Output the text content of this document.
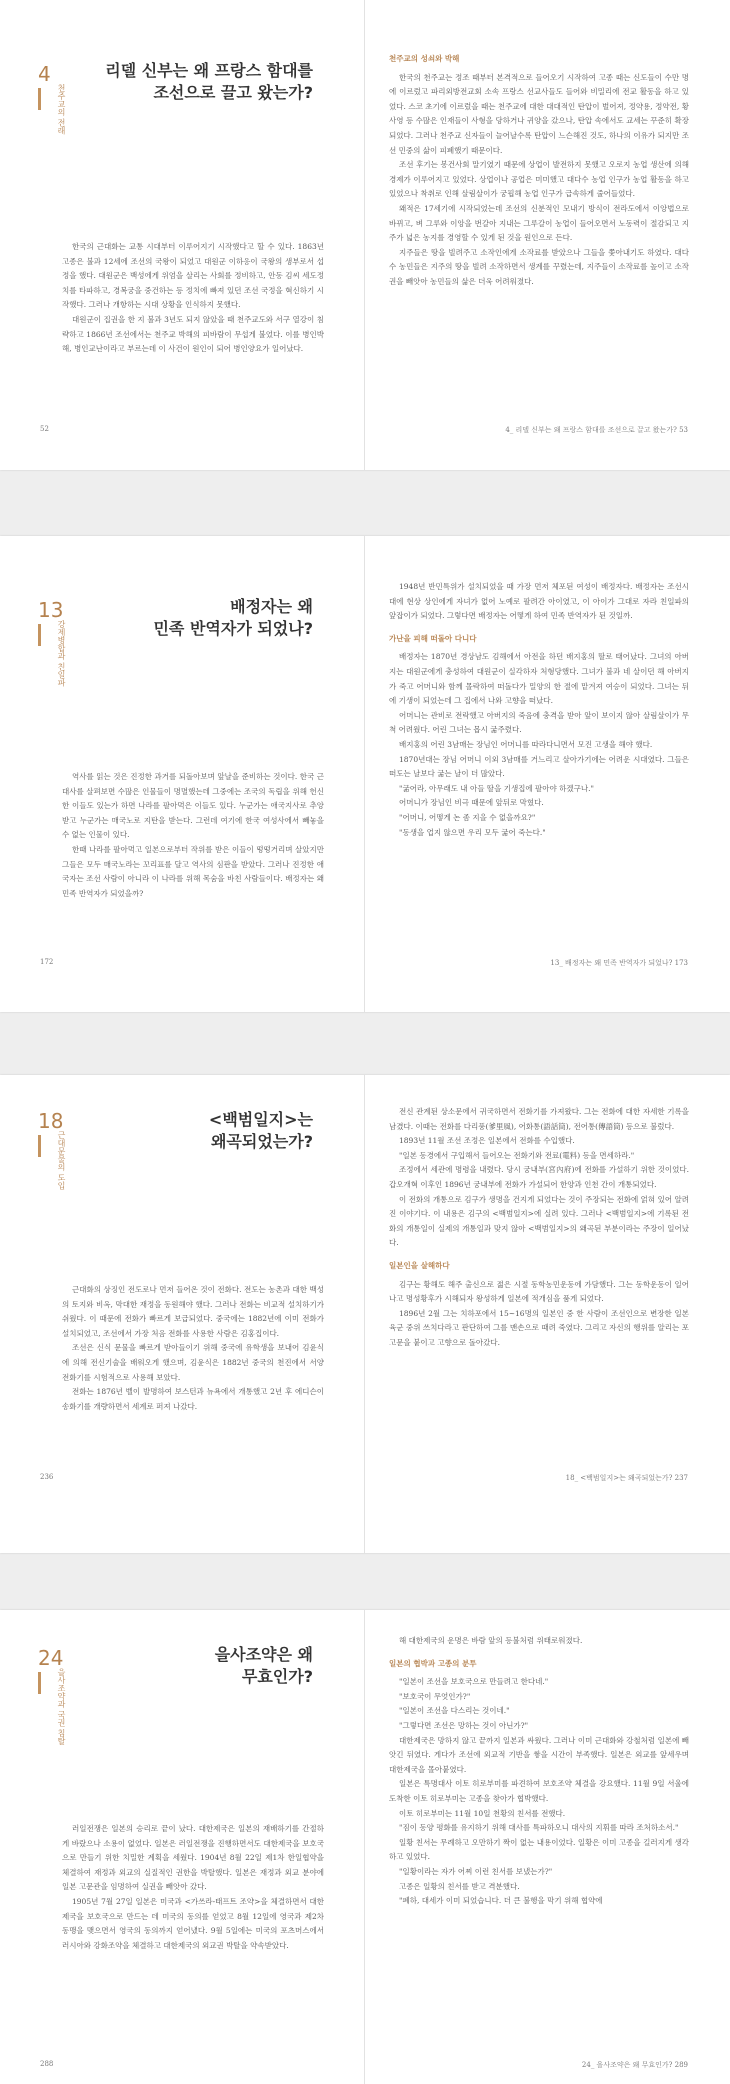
4
천주교의 전래
리델 신부는 왜 프랑스 함대를
조선으로 끌고 왔는가?

한국의 근대화는 교통 시대부터 이루어지기 시작했다고 할 수 있다. 1863년 고종은 불과 12세에 조선의 국왕이 되었고 대원군 이하응이 국왕의 생부로서 섭정을 했다. 대원군은 백성에게 위엄을 살리는 사회를 정비하고, 안동 김씨 세도정치를 타파하고, 경복궁을 중건하는 등 정치에 빠져 있던 조선 국정을 혁신하기 시작했다. 그러나 개항하는 시대 상황을 인식하지 못했다.

대원군이 집권을 한 지 불과 3년도 되지 않았을 때 천주교도와 서구 열강이 침략하고 1866년 조선에서는 천주교 박해의 피바람이 무섭게 불었다. 이를 병인박해, 병인교난이라고 부르는데 이 사건이 원인이 되어 병인양요가 일어났다.

52
천주교의 성쇠와 박해

한국의 천주교는 정조 때부터 본격적으로 들어오기 시작하여 고종 때는 신도들이 수만 명에 이르렀고 파리외방전교회 소속 프랑스 선교사들도 들어와 비밀리에 전교 활동을 하고 있었다. 스코 초기에 이르렀을 때는 천주교에 대한 대대적인 탄압이 벌어져, 정약용, 정약전, 황사영 등 수많은 인재들이 사형을 당하거나 귀양을 갔으나, 탄압 속에서도 교세는 꾸준히 확장되었다. 그러나 천주교 신자들이 늘어날수록 탄압이 느슨해진 것도, 하나의 이유가 되지만 조선 민중의 삶이 피폐했기 때문이다.

조선 후기는 봉건사회 말기였기 때문에 상업이 발전하지 못했고 오로지 농업 생산에 의해 경제가 이루어지고 있었다. 상업이나 공업은 미미했고 대다수 농업 인구가 농업 활동을 하고 있었으나 착취로 인해 살림살이가 궁핍해 농업 인구가 급속하게 줄어들었다.

왜적은 17세기에 시작되었는데 조선의 신분적인 모내기 방식이 전라도에서 이앙법으로 바뀌고, 벼 그루와 이앙을 번갈아 지내는 그루갈이 농업이 들어오면서 노동력이 절감되고 지주가 넓은 농지를 경영할 수 있게 된 것을 원인으로 든다.

지주들은 땅을 빌려주고 소작인에게 소작료를 받았으나 그들을 쫓아내기도 하였다. 대다수 농민들은 지주의 땅을 빌려 소작하면서 생계를 꾸렸는데, 지주들이 소작료를 높이고 소작권을 빼앗아 농민들의 삶은 더욱 어려워졌다.

4_ 리델 신부는 왜 프랑스 함대를 조선으로 끌고 왔는가? 53
13
강제병합과 친일파
배정자는 왜
민족 반역자가 되었나?

역사를 읽는 것은 진정한 과거를 되돌아보며 앞날을 준비하는 것이다. 한국 근대사를 살펴보면 수많은 인물들이 명멸했는데 그중에는 조국의 독립을 위해 헌신한 이들도 있는가 하면 나라를 팔아먹은 이들도 있다. 누군가는 애국지사로 추앙받고 누군가는 매국노로 지탄을 받는다. 그런데 여기에 한국 여성사에서 빼놓을 수 없는 인물이 있다.

한때 나라를 팔아먹고 일본으로부터 작위를 받은 이들이 떵떵거리며 살았지만 그들은 모두 매국노라는 꼬리표를 달고 역사의 심판을 받았다. 그러나 진정한 애국자는 조선 사람이 아니라 이 나라를 위해 목숨을 바친 사람들이다. 배정자는 왜 민족 반역자가 되었을까?

172

1948년 반민특위가 설치되었을 때 가장 먼저 체포된 여성이 배정자다. 배정자는 조선시대에 현상 상인에게 자녀가 없어 노예로 팔려간 아이였고, 이 아이가 그대로 자라 친일파의 앞잡이가 되었다. 그렇다면 배정자는 어떻게 하여 민족 반역자가 된 것일까.

가난을 피해 떠돌아 다니다

배정자는 1870년 경상남도 김해에서 아전을 하던 배지홍의 딸로 태어났다. 그녀의 아버지는 대원군에게 충성하여 대원군이 실각하자 처형당했다. 그녀가 불과 네 살이던 해 아버지가 죽고 어머니와 함께 몰락하여 떠돌다가 밀양의 한 절에 맡겨져 여승이 되었다. 그녀는 뒤에 기생이 되었는데 그 집에서 나와 고향을 떠났다.

어머니는 관비로 전락했고 아버지의 죽음에 충격을 받아 앞이 보이지 않아 살림살이가 무척 어려웠다. 어린 그녀는 몹시 굶주렸다.

배지홍의 어린 3남매는 장님인 어머니를 따라다니면서 모진 고생을 해야 했다.

1870년대는 장님 어머니 이외 3남매를 거느리고 살아가기에는 어려운 시대였다. 그들은 떠도는 날보다 굶는 날이 더 많았다.

"굶어라, 아무래도 내 아들 딸을 기생집에 팔아야 하겠구나."

어머니가 장님인 비극 때문에 앞뒤로 막혔다.

"어머니, 어떻게 논 좀 지을 수 없을까요?"

"동생을 업지 않으면 우리 모두 굶어 죽는다."

13_ 배정자는 왜 민족 반역자가 되었나? 173
18
근대문물의 도입
<백범일지>는
왜곡되었는가?

근대화의 상징인 전도로나 먼저 들어온 것이 전화다. 전도는 농촌과 대한 백성의 토지와 비옥, 막대한 재정을 동원해야 했다. 그러나 전화는 비교적 설치하기가 쉬웠다. 이 때문에 전화가 빠르게 보급되었다. 중국에는 1882년에 이미 전화가 설치되었고, 조선에서 가장 처음 전화를 사용한 사람은 김홍집이다.

조선은 신식 문물을 빠르게 받아들이기 위해 중국에 유학생을 보내어 김윤식에 의해 전신기술을 배워오게 했으며, 김윤식은 1882년 중국의 천진에서 서양 전화기를 시험적으로 사용해 보았다.

전화는 1876년 벨이 발명하여 보스턴과 뉴욕에서 개통했고 2년 후 에디슨이 송화기를 개량하면서 세계로 퍼져 나갔다.

236

전신 관계된 상소문에서 귀국하면서 전화기를 가져왔다. 그는 전화에 대한 자세한 기록을 남겼다. 이때는 전화를 다리풍(爹里風), 어화통(語話筒), 전어통(傳語筒) 등으로 불렀다.

1893년 11월 조선 조정은 일본에서 전화를 수입했다.

"일본 동경에서 구입해서 들어오는 전화기와 전료(電料) 등을 면세하라."

조정에서 세관에 명령을 내렸다. 당시 궁내부(宮內府)에 전화를 가설하기 위한 것이었다. 갑오개혁 이후인 1896년 궁내부에 전화가 가설되어 한양과 인천 간이 개통되었다.

이 전화의 개통으로 김구가 생명을 건지게 되었다는 것이 주장되는 전화에 얽혀 있어 알려진 이야기다. 이 내용은 김구의 <백범일지>에 실려 있다. 그러나 <백범일지>에 기록된 전화의 개통일이 실제의 개통일과 맞지 않아 <백범일지>의 왜곡된 부분이라는 주장이 일어났다.

일본인을 살해하다

김구는 황해도 해주 출신으로 젊은 시절 동학농민운동에 가담했다. 그는 동학운동이 일어나고 명성황후가 시해되자 왕성하게 일본에 적개심을 품게 되었다.

1896년 2월 그는 치하포에서 15~16명의 일본인 중 한 사람이 조선인으로 변장한 일본 육군 중위 쓰치다라고 판단하여 그를 맨손으로 때려 죽였다. 그리고 자신의 행위를 알리는 포고문을 붙이고 고향으로 돌아갔다.

18_ <백범일지>는 왜곡되었는가? 237
24
을사조약과 국권 침탈
을사조약은 왜
무효인가?

러일전쟁은 일본의 승리로 끝이 났다. 대한제국은 일본의 재배하기를 간절하게 바랐으나 소용이 없었다. 일본은 러일전쟁을 진행하면서도 대한제국을 보호국으로 만들기 위한 치밀한 계획을 세웠다. 1904년 8월 22일 제1차 한일협약을 체결하여 재정과 외교의 실질적인 권한을 박탈했다. 일본은 재정과 외교 분야에 일본 고문관을 임명하여 실권을 빼앗아 갔다.

1905년 7월 27일 일본은 미국과 <가쓰라-태프트 조약>을 체결하면서 대한제국을 보호국으로 만드는 데 미국의 동의를 얻었고 8월 12일에 영국과 제2차 동맹을 맺으면서 영국의 동의까지 얻어냈다. 9월 5일에는 미국의 포츠머스에서 러시아와 강화조약을 체결하고 대한제국의 외교권 박탈을 약속받았다.

288

해 대한제국의 운명은 바람 앞의 등불처럼 위태로워졌다.

일본의 협박과 고종의 분투

"일본이 조선을 보호국으로 만들려고 한다네."

"보호국이 무엇인가?"

"일본이 조선을 다스리는 것이네."

"그렇다면 조선은 망하는 것이 아닌가?"

대한제국은 망하지 않고 끝까지 일본과 싸웠다. 그러나 이미 근대화와 강철처럼 일본에 빼앗긴 뒤였다. 게다가 조선에 외교적 기반을 쌓을 시간이 부족했다. 일본은 외교를 앞세우며 대한제국을 몰아붙였다.

일본은 특명대사 이토 히로부미를 파견하여 보호조약 체결을 강요했다. 11월 9일 서울에 도착한 이토 히로부미는 고종을 찾아가 협박했다.

이토 히로부미는 11월 10일 천황의 친서를 전했다.

"짐이 동양 평화를 유지하기 위해 대사를 특파하오니 대사의 지휘를 따라 조처하소서."

일황 친서는 무례하고 오만하기 짝이 없는 내용이었다. 일황은 이미 고종을 길러지게 생각하고 있었다.

"일황이라는 자가 어찌 이런 친서를 보냈는가?"

고종은 일황의 친서를 받고 격분했다.

"폐하, 대세가 이미 되었습니다. 더 큰 불행을 막기 위해 협약에

24_ 을사조약은 왜 무효인가? 289
